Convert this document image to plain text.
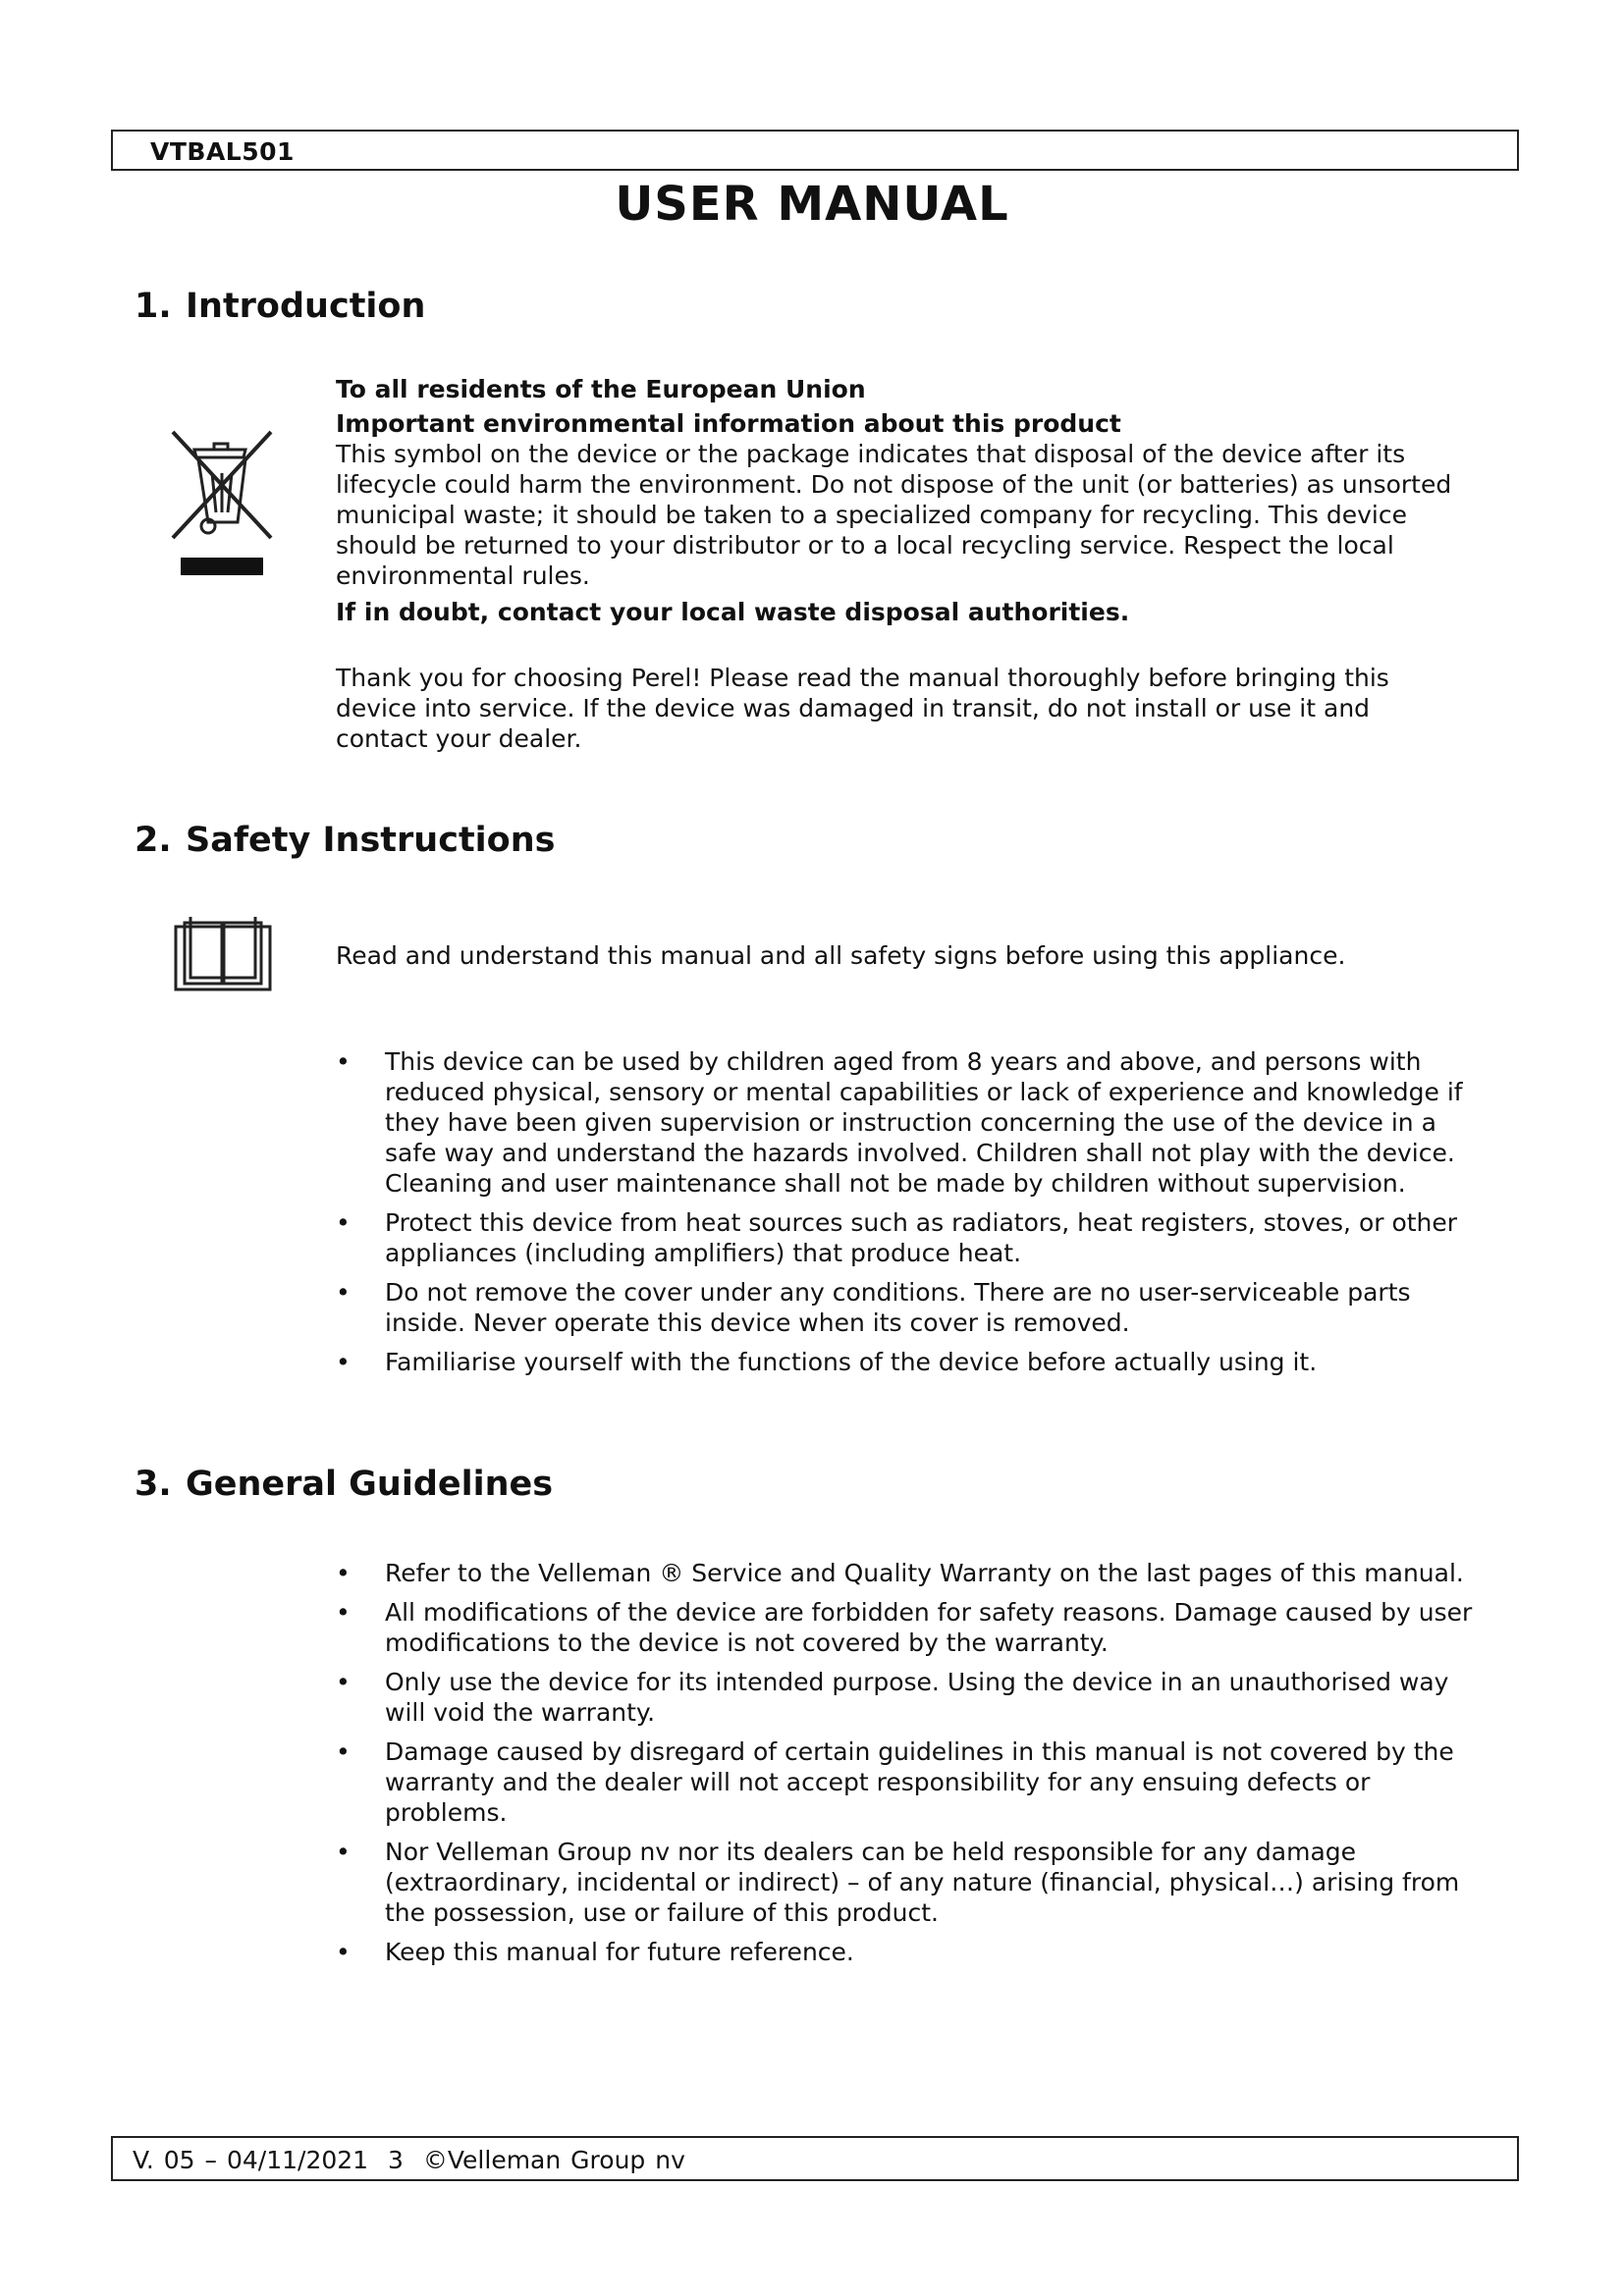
VTBAL501
USER MANUAL
1. Introduction

To all residents of the European Union

Important environmental information about this product

This symbol on the device or the package indicates that disposal of the device after its lifecycle could harm the environment. Do not dispose of the unit (or batteries) as unsorted municipal waste; it should be taken to a specialized company for recycling. This device should be returned to your distributor or to a local recycling service. Respect the local environmental rules.

If in doubt, contact your local waste disposal authorities.

Thank you for choosing Perel! Please read the manual thoroughly before bringing this device into service. If the device was damaged in transit, do not install or use it and contact your dealer.

2. Safety Instructions
Read and understand this manual and all safety signs before using this appliance.
• This device can be used by children aged from 8 years and above, and persons with reduced physical, sensory or mental capabilities or lack of experience and knowledge if they have been given supervision or instruction concerning the use of the device in a safe way and understand the hazards involved. Children shall not play with the device. Cleaning and user maintenance shall not be made by children without supervision.
• Protect this device from heat sources such as radiators, heat registers, stoves, or other appliances (including amplifiers) that produce heat.
• Do not remove the cover under any conditions. There are no user-serviceable parts inside. Never operate this device when its cover is removed.
• Familiarise yourself with the functions of the device before actually using it.
3. General Guidelines
• Refer to the Velleman ® Service and Quality Warranty on the last pages of this manual.
• All modifications of the device are forbidden for safety reasons. Damage caused by user modifications to the device is not covered by the warranty.
• Only use the device for its intended purpose. Using the device in an unauthorised way will void the warranty.
• Damage caused by disregard of certain guidelines in this manual is not covered by the warranty and the dealer will not accept responsibility for any ensuing defects or problems.
• Nor Velleman Group nv nor its dealers can be held responsible for any damage (extraordinary, incidental or indirect) – of any nature (financial, physical…) arising from the possession, use or failure of this product.
• Keep this manual for future reference.
V. 05 – 04/11/2021 3 ©Velleman Group nv
